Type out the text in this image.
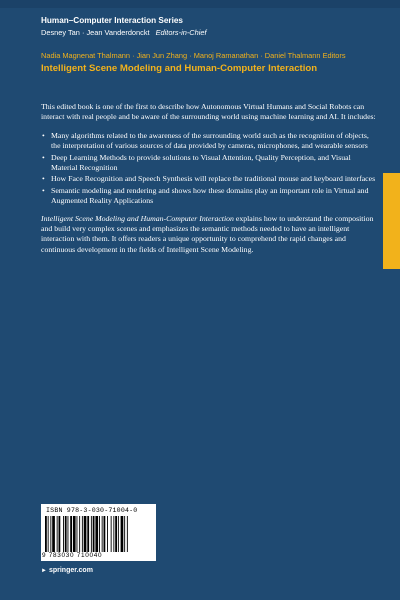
Human–Computer Interaction Series
Desney Tan · Jean Vanderdonckt Editors-in-Chief
Nadia Magnenat Thalmann · Jian Jun Zhang · Manoj Ramanathan · Daniel Thalmann Editors
Intelligent Scene Modeling and Human-Computer Interaction

This edited book is one of the first to describe how Autonomous Virtual Humans and Social Robots can interact with real people and be aware of the surrounding world using machine learning and AI. It includes:

• Many algorithms related to the awareness of the surrounding world such as the recognition of objects, the interpretation of various sources of data provided by cameras, microphones, and wearable sensors
• Deep Learning Methods to provide solutions to Visual Attention, Quality Perception, and Visual Material Recognition
• How Face Recognition and Speech Synthesis will replace the traditional mouse and keyboard interfaces
• Semantic modeling and rendering and shows how these domains play an important role in Virtual and Augmented Reality Applications

Intelligent Scene Modeling and Human-Computer Interaction explains how to understand the composition and build very complex scenes and emphasizes the semantic methods needed to have an intelligent interaction with them. It offers readers a unique opportunity to comprehend the rapid changes and continuous development in the fields of Intelligent Scene Modeling.

ISBN 978-3-030-71004-0
9 783030 710040
► springer.com
